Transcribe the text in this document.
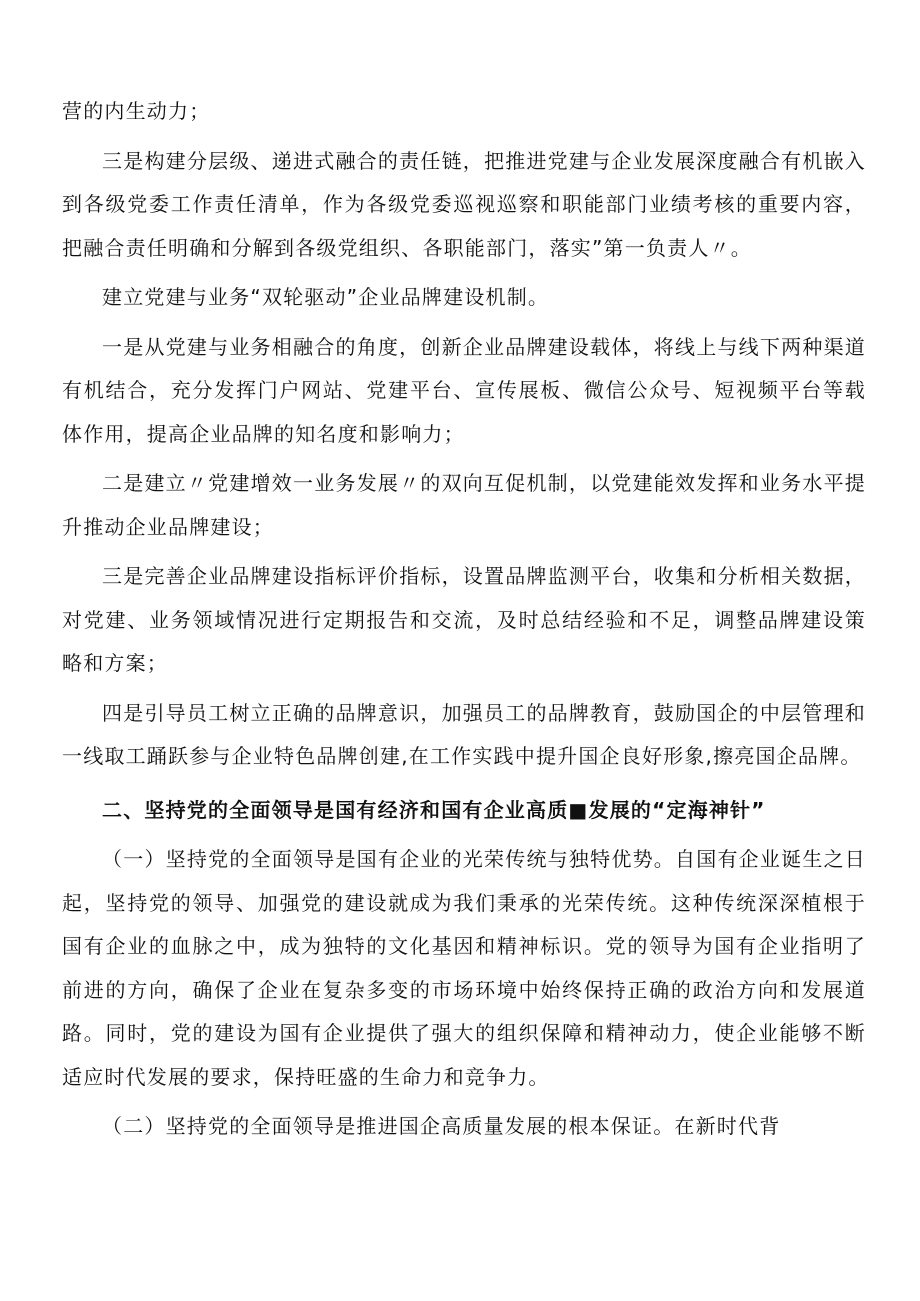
营的内生动力；

三是构建分层级、递进式融合的责任链，把推进党建与企业发展深度融合有机嵌入到各级党委工作责任清单，作为各级党委巡视巡察和职能部门业绩考核的重要内容，把融合责任明确和分解到各级党组织、各职能部门，落实”第一负责人〃。

建立党建与业务“双轮驱动”企业品牌建设机制。

一是从党建与业务相融合的角度，创新企业品牌建设载体，将线上与线下两种渠道有机结合，充分发挥门户网站、党建平台、宣传展板、微信公众号、短视频平台等载体作用，提高企业品牌的知名度和影响力；

二是建立〃党建增效一业务发展〃的双向互促机制，以党建能效发挥和业务水平提升推动企业品牌建设；

三是完善企业品牌建设指标评价指标，设置品牌监测平台，收集和分析相关数据，对党建、业务领域情况进行定期报告和交流，及时总结经验和不足，调整品牌建设策略和方案；

四是引导员工树立正确的品牌意识，加强员工的品牌教育，鼓励国企的中层管理和一线取工踊跃参与企业特色品牌创建,在工作实践中提升国企良好形象,擦亮国企品牌。

二、坚持党的全面领导是国有经济和国有企业高质■发展的“定海神针”

（一）坚持党的全面领导是国有企业的光荣传统与独特优势。自国有企业诞生之日起，坚持党的领导、加强党的建设就成为我们秉承的光荣传统。这种传统深深植根于国有企业的血脉之中，成为独特的文化基因和精神标识。党的领导为国有企业指明了前进的方向，确保了企业在复杂多变的市场环境中始终保持正确的政治方向和发展道路。同时，党的建设为国有企业提供了强大的组织保障和精神动力，使企业能够不断适应时代发展的要求，保持旺盛的生命力和竞争力。

（二）坚持党的全面领导是推进国企高质量发展的根本保证。在新时代背
